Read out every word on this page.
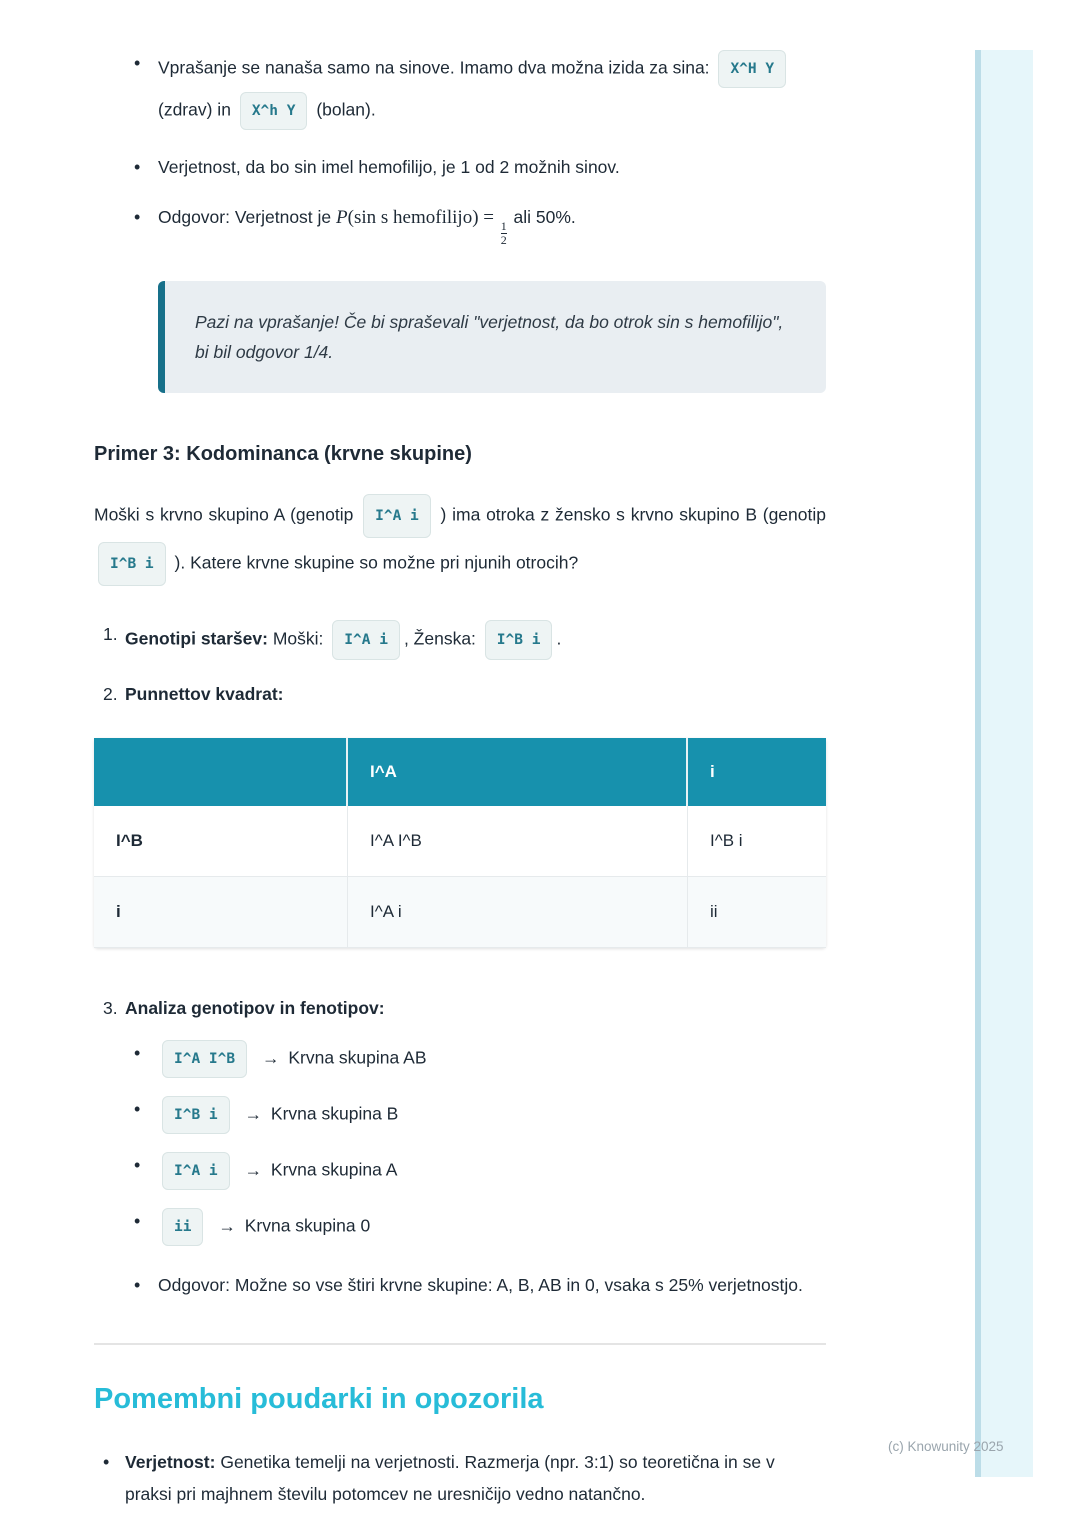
• Vprašanje se nanaša samo na sinove. Imamo dva možna izida za sina: X^H Y (zdrav) in X^h Y (bolan).
• Verjetnost, da bo sin imel hemofilijo, je 1 od 2 možnih sinov.
• Odgovor: Verjetnost je P(sin s hemofilijo) =
$\frac{1}{2}$
ali 50%.
Pazi na vprašanje! Če bi spraševali "verjetnost, da bo otrok sin s hemofilijo", bi bil odgovor 1/4.
Primer 3: Kodominanca (krvne skupine)

Moški s krvno skupino A (genotip I^A i ) ima otroka z žensko s krvno skupino B (genotip I^B i ). Katere krvne skupine so možne pri njunih otrocih?

1. Genotipi staršev: Moški: I^A i , Ženska: I^B i .
2. Punnettov kvadrat:
	I^A	i
I^B	I^A I^B	I^B i
i	I^A i	ii
3. Analiza genotipov in fenotipov:
• I^A I^B → Krvna skupina AB
• I^B i → Krvna skupina B
• I^A i → Krvna skupina A
• ii → Krvna skupina 0
• Odgovor: Možne so vse štiri krvne skupine: A, B, AB in 0, vsaka s 25% verjetnostjo.
Pomembni poudarki in opozorila
• Verjetnost: Genetika temelji na verjetnosti. Razmerja (npr. 3:1) so teoretična in se v praksi pri majhnem številu potomcev ne uresničijo vedno natančno.
(c) Knowunity 2025
